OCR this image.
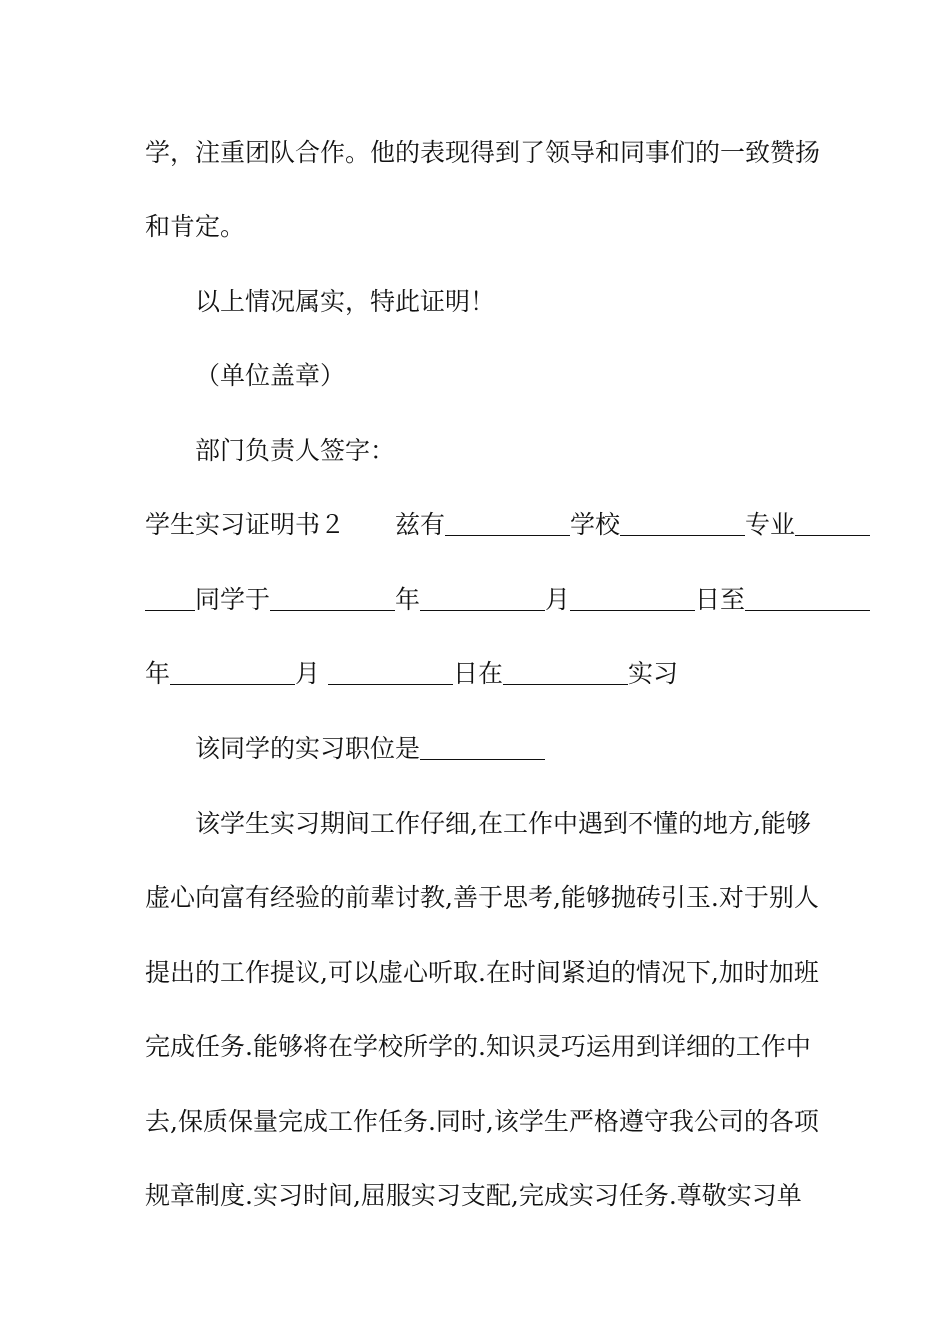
学，注重团队合作。他的表现得到了领导和同事们的一致赞扬
和肯定。
以上情况属实，特此证明！
（单位盖章）
部门负责人签字：
学生实习证明书２　　兹有＿＿＿＿＿学校＿＿＿＿＿专业＿＿＿
＿＿同学于＿＿＿＿＿年＿＿＿＿＿月＿＿＿＿＿日至＿＿＿＿＿
年＿＿＿＿＿月 ＿＿＿＿＿日在＿＿＿＿＿实习
该同学的实习职位是＿＿＿＿＿
该学生实习期间工作仔细,在工作中遇到不懂的地方,能够
虚心向富有经验的前辈讨教,善于思考,能够抛砖引玉.对于别人
提出的工作提议,可以虚心听取.在时间紧迫的情况下,加时加班
完成任务.能够将在学校所学的.知识灵巧运用到详细的工作中
去,保质保量完成工作任务.同时,该学生严格遵守我公司的各项
规章制度.实习时间,屈服实习支配,完成实习任务.尊敬实习单
